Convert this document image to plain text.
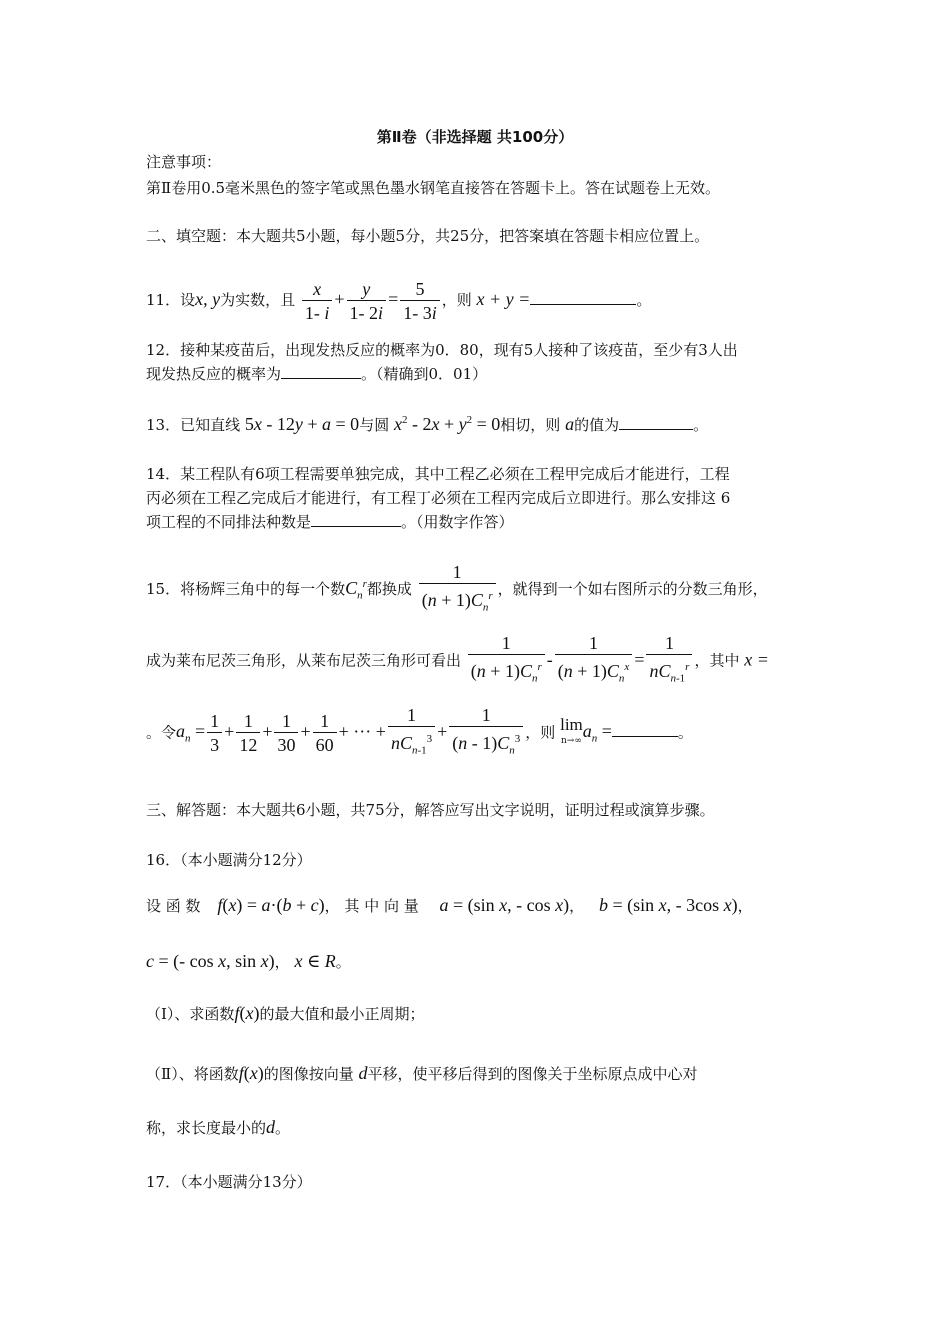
第Ⅱ卷（非选择题 共100分）
注意事项：
第Ⅱ卷用0.5毫米黑色的签字笔或黑色墨水钢笔直接答在答题卡上。答在试题卷上无效。
二、填空题：本大题共5小题，每小题5分，共25分，把答案填在答题卡相应位置上。
11．设x, y为实数，且 $\frac{x}{1- i} + \frac{y}{1- 2i} = \frac{5}{1- 3i}$ ，则 x + y =	。
12．接种某疫苗后，出现发热反应的概率为0．80，现有5人接种了该疫苗，至少有3人出
现发热反应的概率为	。（精确到0．01）
13．已知直线 5x - 12y + a = 0与圆 $x^2 - 2x + y^2 = 0$相切，则 a的值为	。
14．某工程队有6项工程需要单独完成，其中工程乙必须在工程甲完成后才能进行，工程
丙必须在工程乙完成后才能进行，有工程丁必须在工程丙完成后立即进行。那么安排这 6
项工程的不同排法种数是	。（用数字作答）
15．将杨辉三角中的每一个数$C_n^r$都换成 $\frac{1}{(n + 1)C_n^r}$ ，就得到一个如右图所示的分数三角形，
成为莱布尼茨三角形，从莱布尼茨三角形可看出 $\frac{1}{(n + 1)C_n^r} - \frac{1}{(n + 1)C_n^x} = \frac{1}{nC_{n-1}^r}$ ，其中 x =
。令$a_n = \frac{1}{3} + \frac{1}{12} + \frac{1}{30} + \frac{1}{60}$ + ··· + $\frac{1}{nC_{n-1}^3} + \frac{1}{(n - 1)C_n^3}$ ，则 lim
n→∞ $a_n$ =	。
三、解答题：本大题共6小题，共75分，解答应写出文字说明，证明过程或演算步骤。
16．（本小题满分12分）
设 函 数 f(x) = a·(b + c)， 其 中 向 量 a = (sin x, - cos x)， b = (sin x, - 3cos x)，
c = (- cos x, sin x)， x ∈ R。
（Ⅰ）、求函数f(x)的最大值和最小正周期；
（Ⅱ）、将函数f(x)的图像按向量 d平移，使平移后得到的图像关于坐标原点成中心对
称，求长度最小的d。
17．（本小题满分13分）
